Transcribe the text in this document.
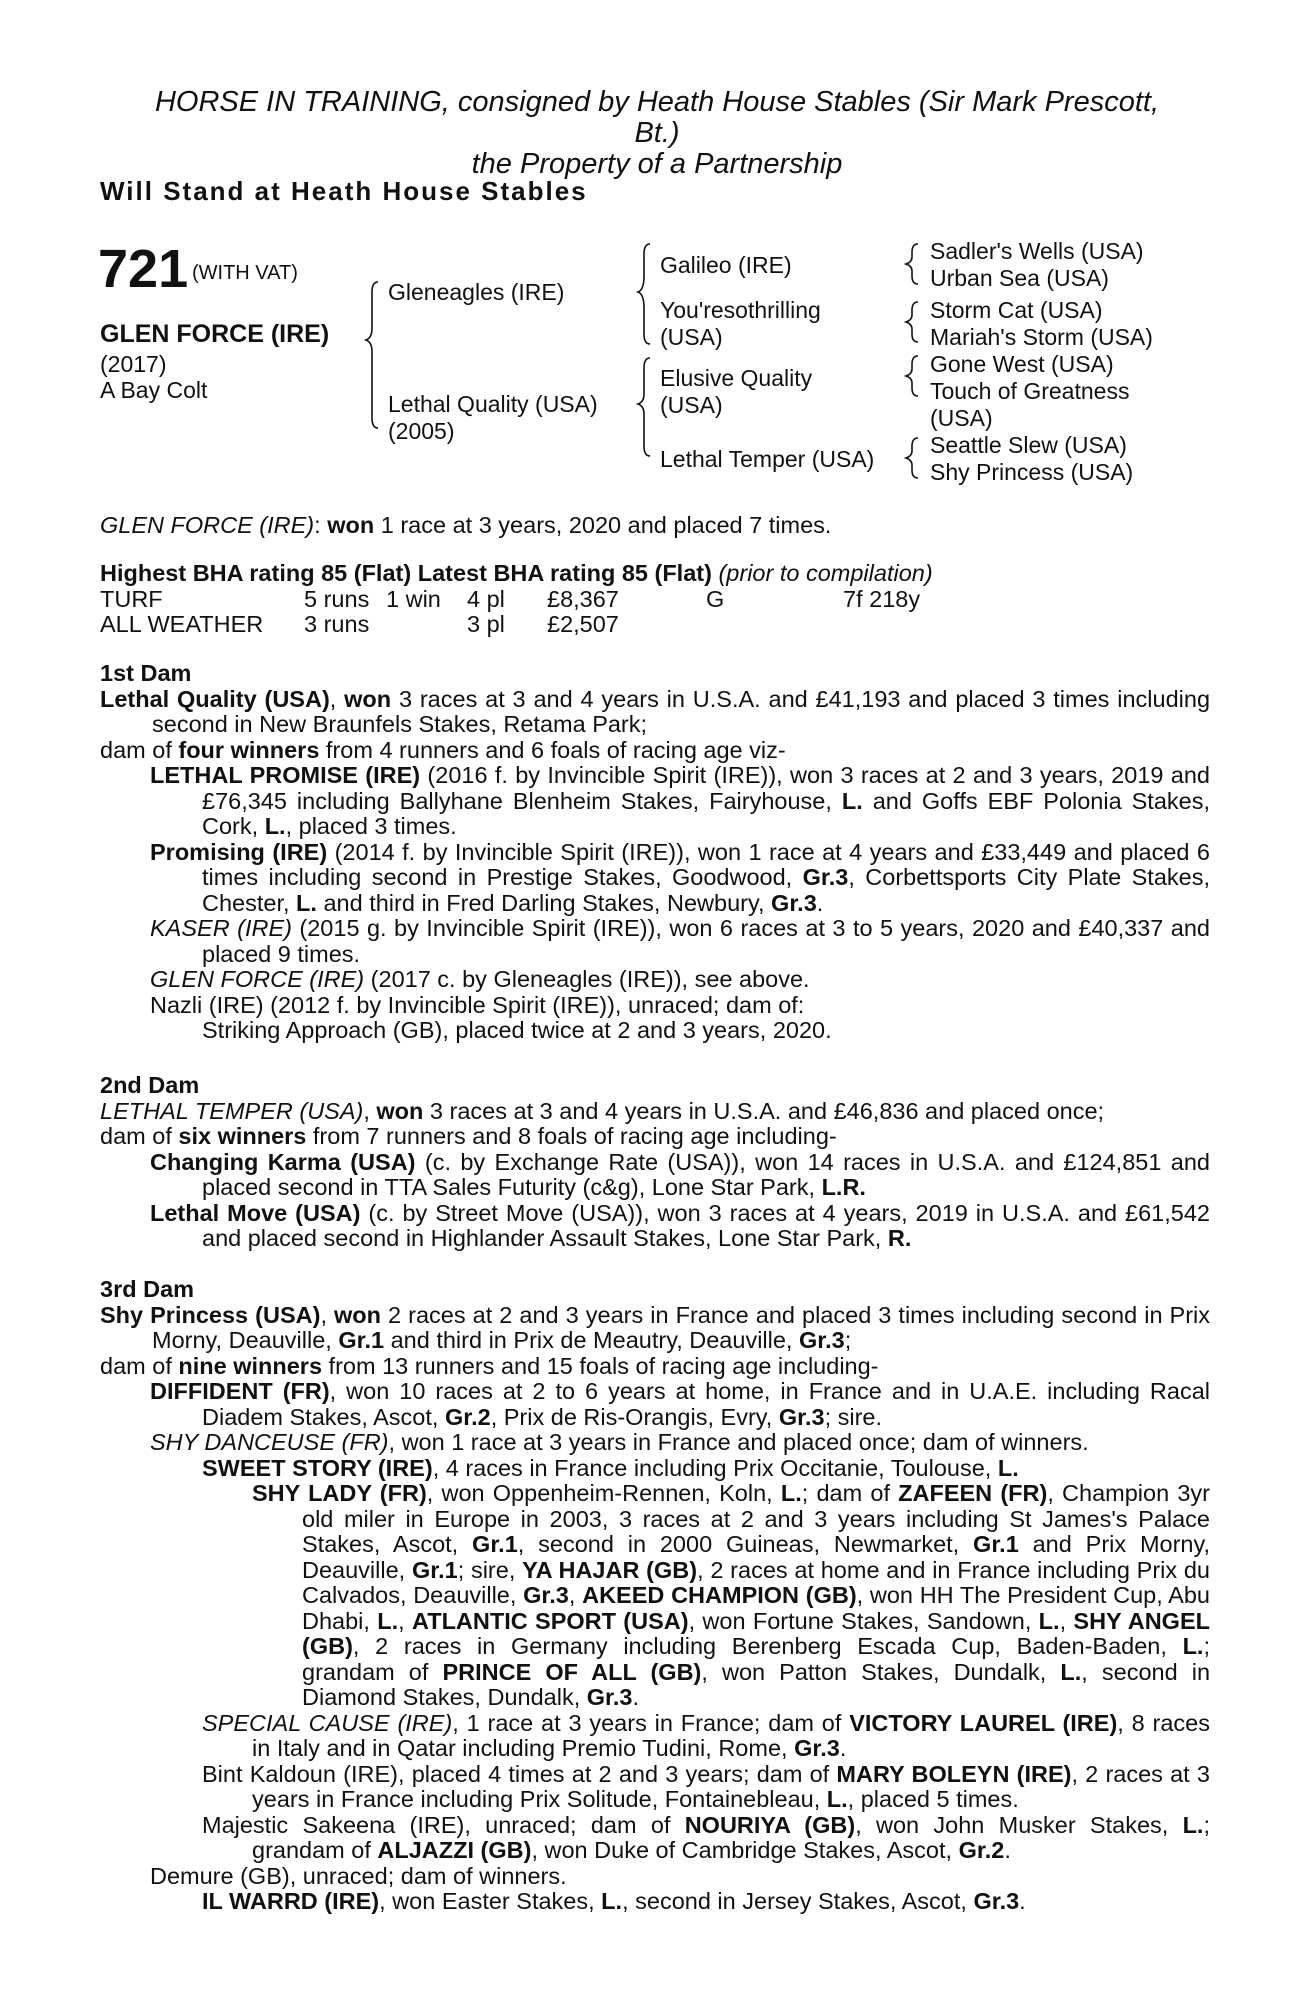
HORSE IN TRAINING, consigned by Heath House Stables (Sir Mark Prescott,
Bt.)
the Property of a Partnership
Will Stand at Heath House Stables
721 (WITH VAT)
GLEN FORCE (IRE)
(2017)
A Bay Colt
Gleneagles (IRE)
Lethal Quality (USA)
(2005)
Galileo (IRE)
You'resothrilling
(USA)
Elusive Quality
(USA)
Lethal Temper (USA)
Sadler's Wells (USA)
Urban Sea (USA)
Storm Cat (USA)
Mariah's Storm (USA)
Gone West (USA)
Touch of Greatness
(USA)
Seattle Slew (USA)
Shy Princess (USA)
GLEN FORCE (IRE): won 1 race at 3 years, 2020 and placed 7 times.
Highest BHA rating 85 (Flat) Latest BHA rating 85 (Flat) (prior to compilation)
TURF	5 runs 1 win 4 pl £8,367	G	7f 218y
ALL WEATHER 3 runs	3 pl £2,507

1st Dam

Lethal Quality (USA), won 3 races at 3 and 4 years in U.S.A. and £41,193 and placed 3 times including second in New Braunfels Stakes, Retama Park;

dam of four winners from 4 runners and 6 foals of racing age viz-

LETHAL PROMISE (IRE) (2016 f. by Invincible Spirit (IRE)), won 3 races at 2 and 3 years, 2019 and £76,345 including Ballyhane Blenheim Stakes, Fairyhouse, L. and Goffs EBF Polonia Stakes, Cork, L., placed 3 times.

Promising (IRE) (2014 f. by Invincible Spirit (IRE)), won 1 race at 4 years and £33,449 and placed 6 times including second in Prestige Stakes, Goodwood, Gr.3, Corbettsports City Plate Stakes, Chester, L. and third in Fred Darling Stakes, Newbury, Gr.3.

KASER (IRE) (2015 g. by Invincible Spirit (IRE)), won 6 races at 3 to 5 years, 2020 and £40,337 and placed 9 times.

GLEN FORCE (IRE) (2017 c. by Gleneagles (IRE)), see above.

Nazli (IRE) (2012 f. by Invincible Spirit (IRE)), unraced; dam of:

Striking Approach (GB), placed twice at 2 and 3 years, 2020.

2nd Dam

LETHAL TEMPER (USA), won 3 races at 3 and 4 years in U.S.A. and £46,836 and placed once;

dam of six winners from 7 runners and 8 foals of racing age including-

Changing Karma (USA) (c. by Exchange Rate (USA)), won 14 races in U.S.A. and £124,851 and placed second in TTA Sales Futurity (c&g), Lone Star Park, L.R.

Lethal Move (USA) (c. by Street Move (USA)), won 3 races at 4 years, 2019 in U.S.A. and £61,542 and placed second in Highlander Assault Stakes, Lone Star Park, R.

3rd Dam

Shy Princess (USA), won 2 races at 2 and 3 years in France and placed 3 times including second in Prix Morny, Deauville, Gr.1 and third in Prix de Meautry, Deauville, Gr.3;

dam of nine winners from 13 runners and 15 foals of racing age including-

DIFFIDENT (FR), won 10 races at 2 to 6 years at home, in France and in U.A.E. including Racal Diadem Stakes, Ascot, Gr.2, Prix de Ris-Orangis, Evry, Gr.3; sire.

SHY DANCEUSE (FR), won 1 race at 3 years in France and placed once; dam of winners.

SWEET STORY (IRE), 4 races in France including Prix Occitanie, Toulouse, L.

SHY LADY (FR), won Oppenheim-Rennen, Koln, L.; dam of ZAFEEN (FR), Champion 3yr old miler in Europe in 2003, 3 races at 2 and 3 years including St James's Palace Stakes, Ascot, Gr.1, second in 2000 Guineas, Newmarket, Gr.1 and Prix Morny, Deauville, Gr.1; sire, YA HAJAR (GB), 2 races at home and in France including Prix du Calvados, Deauville, Gr.3, AKEED CHAMPION (GB), won HH The President Cup, Abu Dhabi, L., ATLANTIC SPORT (USA), won Fortune Stakes, Sandown, L., SHY ANGEL (GB), 2 races in Germany including Berenberg Escada Cup, Baden-Baden, L.; grandam of PRINCE OF ALL (GB), won Patton Stakes, Dundalk, L., second in Diamond Stakes, Dundalk, Gr.3.

SPECIAL CAUSE (IRE), 1 race at 3 years in France; dam of VICTORY LAUREL (IRE), 8 races in Italy and in Qatar including Premio Tudini, Rome, Gr.3.

Bint Kaldoun (IRE), placed 4 times at 2 and 3 years; dam of MARY BOLEYN (IRE), 2 races at 3 years in France including Prix Solitude, Fontainebleau, L., placed 5 times.

Majestic Sakeena (IRE), unraced; dam of NOURIYA (GB), won John Musker Stakes, L.; grandam of ALJAZZI (GB), won Duke of Cambridge Stakes, Ascot, Gr.2.

Demure (GB), unraced; dam of winners.

IL WARRD (IRE), won Easter Stakes, L., second in Jersey Stakes, Ascot, Gr.3.
